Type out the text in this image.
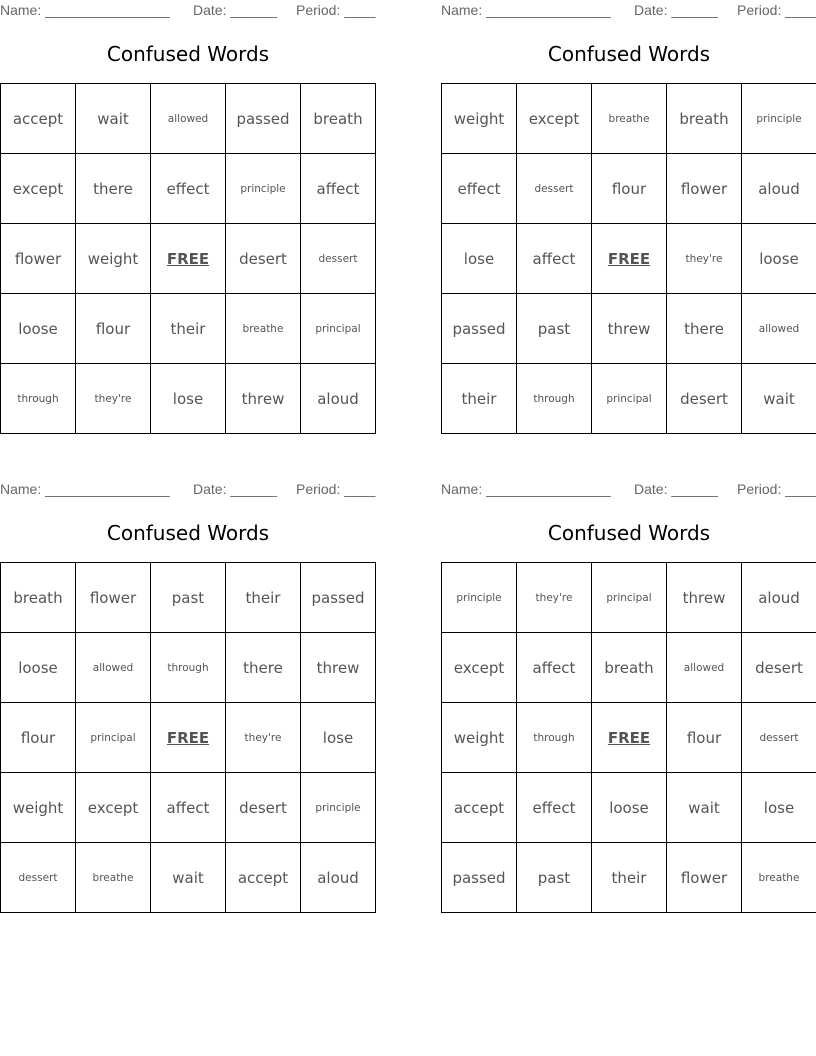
Name: ________________ Date: ______ Period: ____
Confused Words
accept	wait	allowed	passed	breath
except	there	effect	principle	affect
flower	weight	FREE	desert	dessert
loose	flour	their	breathe	principal
through	they're	lose	threw	aloud
Name: ________________ Date: ______ Period: ____
Confused Words
weight	except	breathe	breath	principle
effect	dessert	flour	flower	aloud
lose	affect	FREE	they're	loose
passed	past	threw	there	allowed
their	through	principal	desert	wait
Name: ________________ Date: ______ Period: ____
Confused Words
breath	flower	past	their	passed
loose	allowed	through	there	threw
flour	principal	FREE	they're	lose
weight	except	affect	desert	principle
dessert	breathe	wait	accept	aloud
Name: ________________ Date: ______ Period: ____
Confused Words
principle	they're	principal	threw	aloud
except	affect	breath	allowed	desert
weight	through	FREE	flour	dessert
accept	effect	loose	wait	lose
passed	past	their	flower	breathe
